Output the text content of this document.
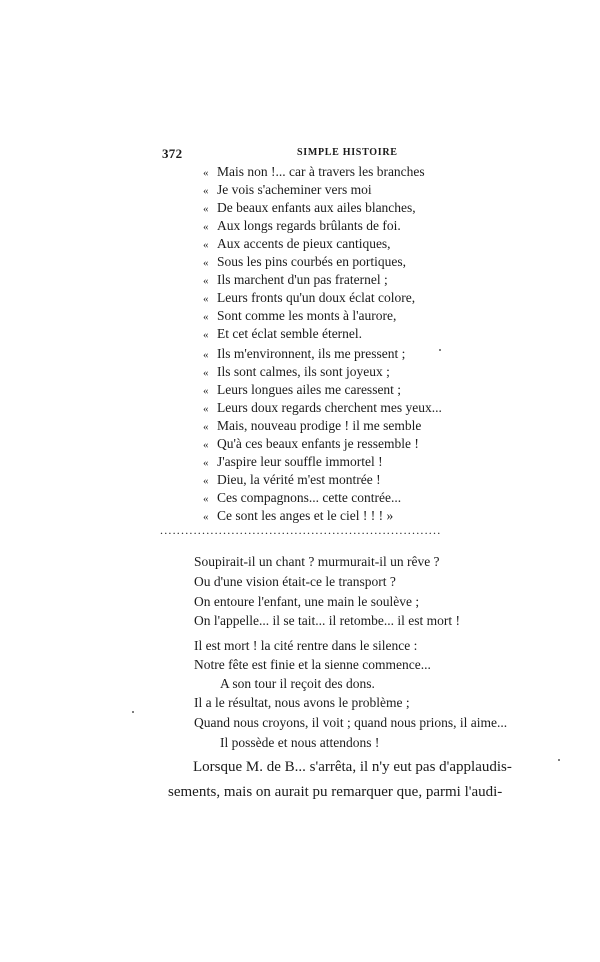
372	SIMPLE HISTOIRE
« Mais non !... car à travers les branches
« Je vois s'acheminer vers moi
« De beaux enfants aux ailes blanches,
« Aux longs regards brûlants de foi.
« Aux accents de pieux cantiques,
« Sous les pins courbés en portiques,
« Ils marchent d'un pas fraternel ;
« Leurs fronts qu'un doux éclat colore,
« Sont comme les monts à l'aurore,
« Et cet éclat semble éternel.
« Ils m'environnent, ils me pressent ;
« Ils sont calmes, ils sont joyeux ;
« Leurs longues ailes me caressent ;
« Leurs doux regards cherchent mes yeux...
« Mais, nouveau prodige ! il me semble
« Qu'à ces beaux enfants je ressemble !
« J'aspire leur souffle immortel !
« Dieu, la vérité m'est montrée !
« Ces compagnons... cette contrée...
« Ce sont les anges et le ciel ! ! ! »
...................................................................
Soupirait-il un chant ? murmurait-il un rêve ?
Ou d'une vision était-ce le transport ?
On entoure l'enfant, une main le soulève ;
On l'appelle... il se tait... il retombe... il est mort !
Il est mort ! la cité rentre dans le silence :
Notre fête est finie et la sienne commence...
A son tour il reçoit des dons.
Il a le résultat, nous avons le problème ;
Quand nous croyons, il voit ; quand nous prions, il aime...
Il possède et nous attendons !
Lorsque M. de B... s'arrêta, il n'y eut pas d'applaudis-
sements, mais on aurait pu remarquer que, parmi l'audi-
